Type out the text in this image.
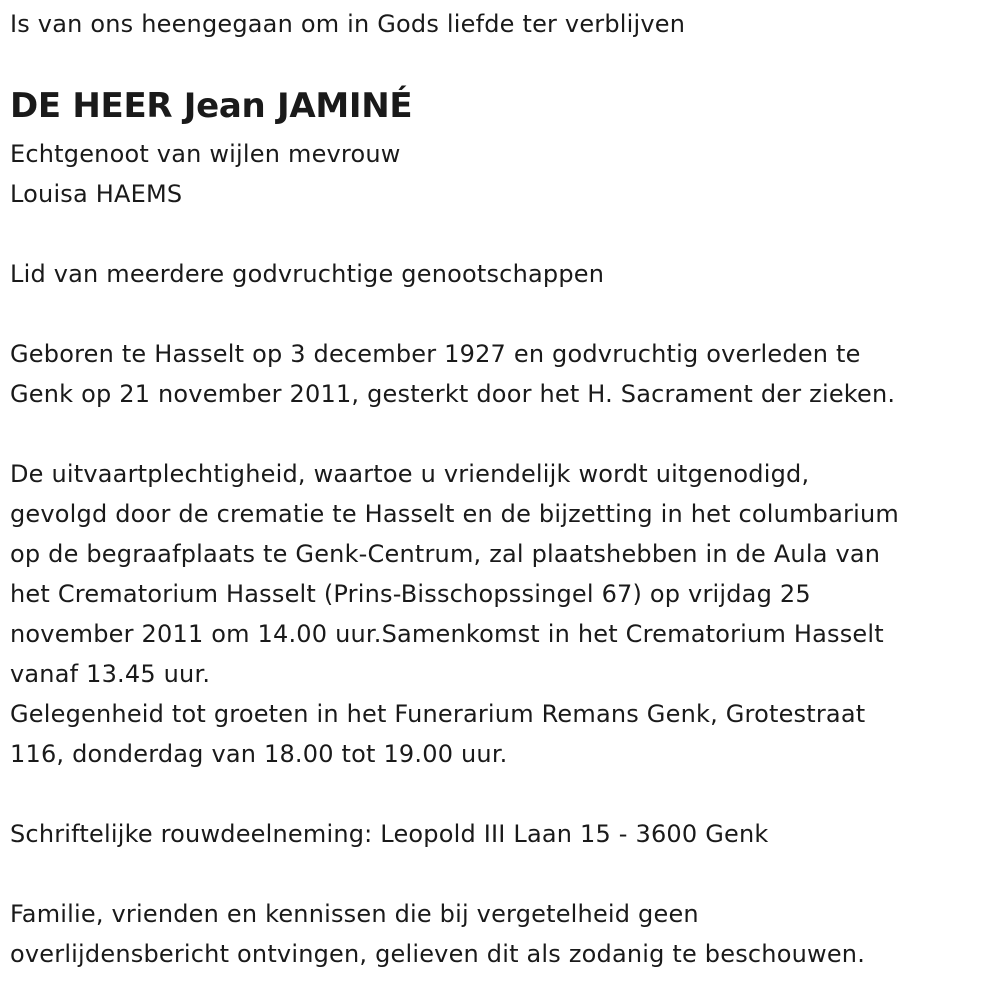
Is van ons heengegaan om in Gods liefde ter verblijven
DE HEER Jean JAMINÉ
Echtgenoot van wijlen mevrouw
Louisa HAEMS
Lid van meerdere godvruchtige genootschappen
Geboren te Hasselt op 3 december 1927 en godvruchtig overleden te
Genk op 21 november 2011, gesterkt door het H. Sacrament der zieken.
De uitvaartplechtigheid, waartoe u vriendelijk wordt uitgenodigd,
gevolgd door de crematie te Hasselt en de bijzetting in het columbarium
op de begraafplaats te Genk-Centrum, zal plaatshebben in de Aula van
het Crematorium Hasselt (Prins-Bisschopssingel 67) op vrijdag 25
november 2011 om 14.00 uur.Samenkomst in het Crematorium Hasselt
vanaf 13.45 uur.
Gelegenheid tot groeten in het Funerarium Remans Genk, Grotestraat
116, donderdag van 18.00 tot 19.00 uur.
Schriftelijke rouwdeelneming: Leopold III Laan 15 - 3600 Genk
Familie, vrienden en kennissen die bij vergetelheid geen
overlijdensbericht ontvingen, gelieven dit als zodanig te beschouwen.
